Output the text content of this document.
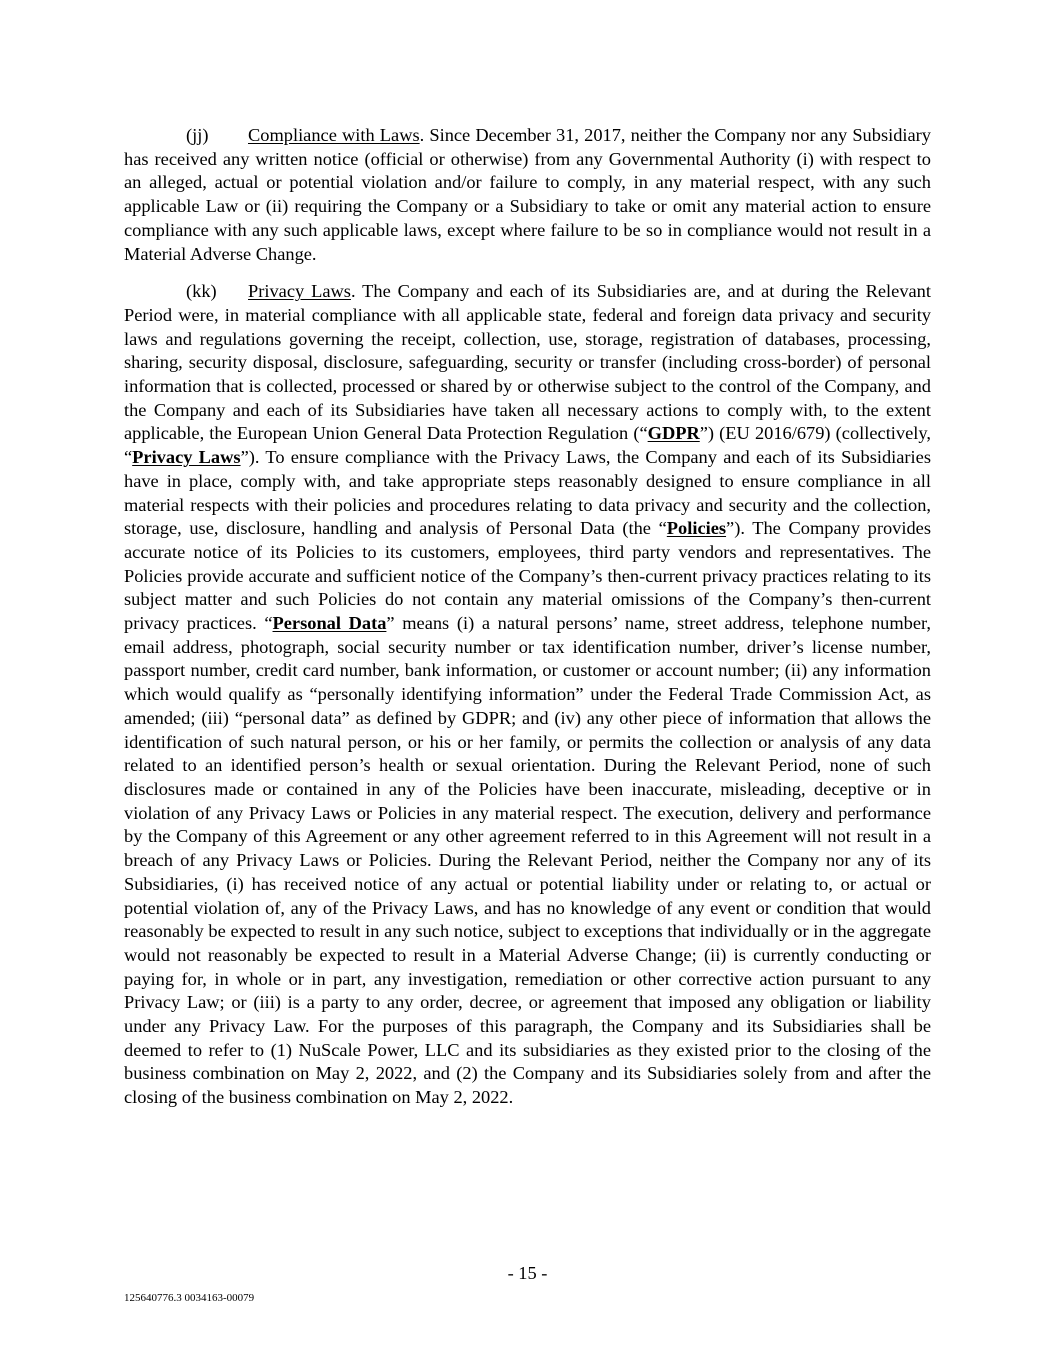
(jj) Compliance with Laws. Since December 31, 2017, neither the Company nor any Subsidiary has received any written notice (official or otherwise) from any Governmental Authority (i) with respect to an alleged, actual or potential violation and/or failure to comply, in any material respect, with any such applicable Law or (ii) requiring the Company or a Subsidiary to take or omit any material action to ensure compliance with any such applicable laws, except where failure to be so in compliance would not result in a Material Adverse Change.

(kk) Privacy Laws. The Company and each of its Subsidiaries are, and at during the Relevant Period were, in material compliance with all applicable state, federal and foreign data privacy and security laws and regulations governing the receipt, collection, use, storage, registration of databases, processing, sharing, security disposal, disclosure, safeguarding, security or transfer (including cross-border) of personal information that is collected, processed or shared by or otherwise subject to the control of the Company, and the Company and each of its Subsidiaries have taken all necessary actions to comply with, to the extent applicable, the European Union General Data Protection Regulation (“GDPR”) (EU 2016/679) (collectively, “Privacy Laws”). To ensure compliance with the Privacy Laws, the Company and each of its Subsidiaries have in place, comply with, and take appropriate steps reasonably designed to ensure compliance in all material respects with their policies and procedures relating to data privacy and security and the collection, storage, use, disclosure, handling and analysis of Personal Data (the “Policies”). The Company provides accurate notice of its Policies to its customers, employees, third party vendors and representatives. The Policies provide accurate and sufficient notice of the Company’s then-current privacy practices relating to its subject matter and such Policies do not contain any material omissions of the Company’s then-current privacy practices. “Personal Data” means (i) a natural persons’ name, street address, telephone number, email address, photograph, social security number or tax identification number, driver’s license number, passport number, credit card number, bank information, or customer or account number; (ii) any information which would qualify as “personally identifying information” under the Federal Trade Commission Act, as amended; (iii) “personal data” as defined by GDPR; and (iv) any other piece of information that allows the identification of such natural person, or his or her family, or permits the collection or analysis of any data related to an identified person’s health or sexual orientation. During the Relevant Period, none of such disclosures made or contained in any of the Policies have been inaccurate, misleading, deceptive or in violation of any Privacy Laws or Policies in any material respect. The execution, delivery and performance by the Company of this Agreement or any other agreement referred to in this Agreement will not result in a breach of any Privacy Laws or Policies. During the Relevant Period, neither the Company nor any of its Subsidiaries, (i) has received notice of any actual or potential liability under or relating to, or actual or potential violation of, any of the Privacy Laws, and has no knowledge of any event or condition that would reasonably be expected to result in any such notice, subject to exceptions that individually or in the aggregate would not reasonably be expected to result in a Material Adverse Change; (ii) is currently conducting or paying for, in whole or in part, any investigation, remediation or other corrective action pursuant to any Privacy Law; or (iii) is a party to any order, decree, or agreement that imposed any obligation or liability under any Privacy Law. For the purposes of this paragraph, the Company and its Subsidiaries shall be deemed to refer to (1) NuScale Power, LLC and its subsidiaries as they existed prior to the closing of the business combination on May 2, 2022, and (2) the Company and its Subsidiaries solely from and after the closing of the business combination on May 2, 2022.

- 15 -
125640776.3 0034163-00079
